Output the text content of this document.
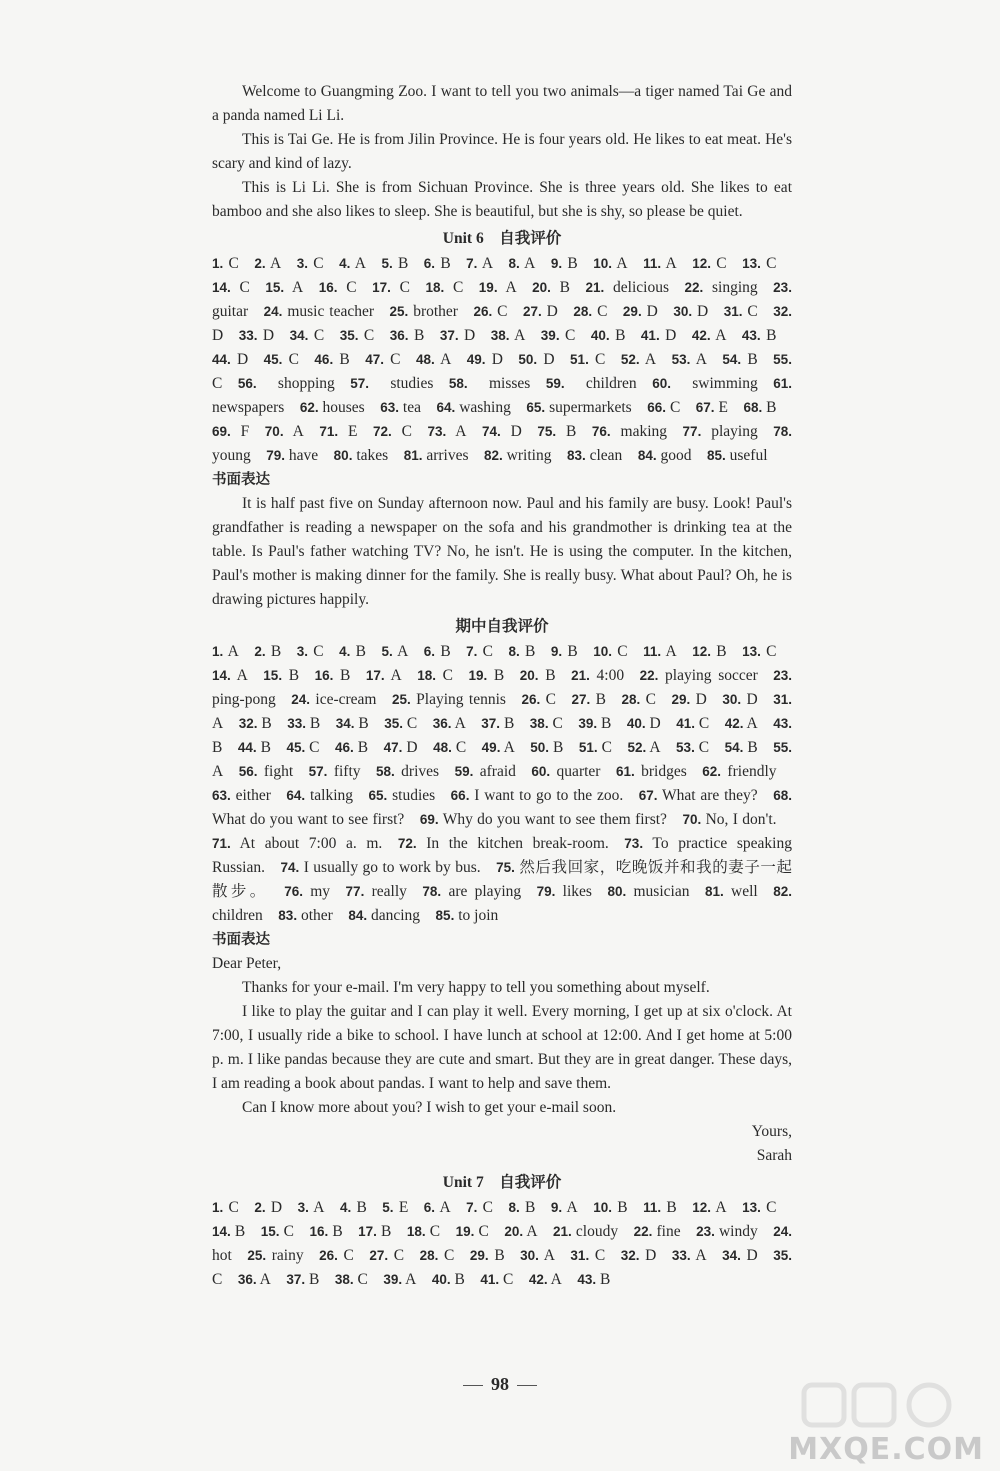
Welcome to Guangming Zoo. I want to tell you two animals—a tiger named Tai Ge and a panda named Li Li.

This is Tai Ge. He is from Jilin Province. He is four years old. He likes to eat meat. He's scary and kind of lazy.

This is Li Li. She is from Sichuan Province. She is three years old. She likes to eat bamboo and she also likes to sleep. She is beautiful, but she is shy, so please be quiet.

Unit 6　自我评价
1. C  2. A  3. C  4. A  5. B  6. B  7. A  8. A  9. B  10. A  11. A  12. C  13. C 14. C  15. A  16. C  17. C  18. C  19. A  20. B  21. delicious  22. singing  23. guitar  24. music teacher  25. brother  26. C  27. D  28. C  29. D  30. D  31. C  32. D  33. D  34. C  35. C  36. B  37. D  38. A  39. C  40. B  41. D  42. A  43. B 44. D  45. C  46. B  47. C  48. A  49. D  50. D  51. C  52. A  53. A  54. B  55. C  56. shopping  57. studies  58. misses  59. children  60. swimming  61. newspapers  62. houses  63. tea  64. washing  65. supermarkets  66. C  67. E  68. B 69. F  70. A  71. E  72. C  73. A  74. D  75. B  76. making  77. playing  78. young  79. have  80. takes  81. arrives  82. writing  83. clean  84. good  85. useful
书面表达

It is half past five on Sunday afternoon now. Paul and his family are busy. Look! Paul's grandfather is reading a newspaper on the sofa and his grandmother is drinking tea at the table. Is Paul's father watching TV? No, he isn't. He is using the computer. In the kitchen, Paul's mother is making dinner for the family. She is really busy. What about Paul? Oh, he is drawing pictures happily.

期中自我评价
1. A  2. B  3. C  4. B  5. A  6. B  7. C  8. B  9. B  10. C  11. A  12. B  13. C 14. A  15. B  16. B  17. A  18. C  19. B  20. B  21. 4:00  22. playing soccer  23. ping-pong  24. ice-cream  25. Playing tennis  26. C  27. B  28. C  29. D  30. D  31. A  32. B  33. B  34. B  35. C  36. A  37. B  38. C  39. B  40. D  41. C  42. A  43. B  44. B  45. C  46. B  47. D  48. C  49. A  50. B  51. C  52. A  53. C  54. B  55. A  56. fight  57. fifty  58. drives  59. afraid  60. quarter  61. bridges  62. friendly 63. either  64. talking  65. studies  66. I want to go to the zoo.  67. What are they?  68. What do you want to see first?  69. Why do you want to see them first?  70. No, I don't. 71. At about 7:00 a. m.  72. In the kitchen break-room.  73. To practice speaking Russian.  74. I usually go to work by bus.  75. 然后我回家，吃晚饭并和我的妻子一起散步。  76. my  77. really  78. are playing  79. likes  80. musician  81. well  82. children  83. other  84. dancing  85. to join
书面表达

Dear Peter,

Thanks for your e-mail. I'm very happy to tell you something about myself.

I like to play the guitar and I can play it well. Every morning, I get up at six o'clock. At 7:00, I usually ride a bike to school. I have lunch at school at 12:00. And I get home at 5:00 p. m. I like pandas because they are cute and smart. But they are in great danger. These days, I am reading a book about pandas. I want to help and save them.

Can I know more about you? I wish to get your e-mail soon.

Yours,
Sarah
Unit 7　自我评价
1. C  2. D  3. A  4. B  5. E  6. A  7. C  8. B  9. A  10. B  11. B  12. A  13. C 14. B  15. C  16. B  17. B  18. C  19. C  20. A  21. cloudy  22. fine  23. windy  24. hot  25. rainy  26. C  27. C  28. C  29. B  30. A  31. C  32. D  33. A  34. D  35. C  36. A  37. B  38. C  39. A  40. B  41. C  42. A  43. B
98
MXQE.COM
